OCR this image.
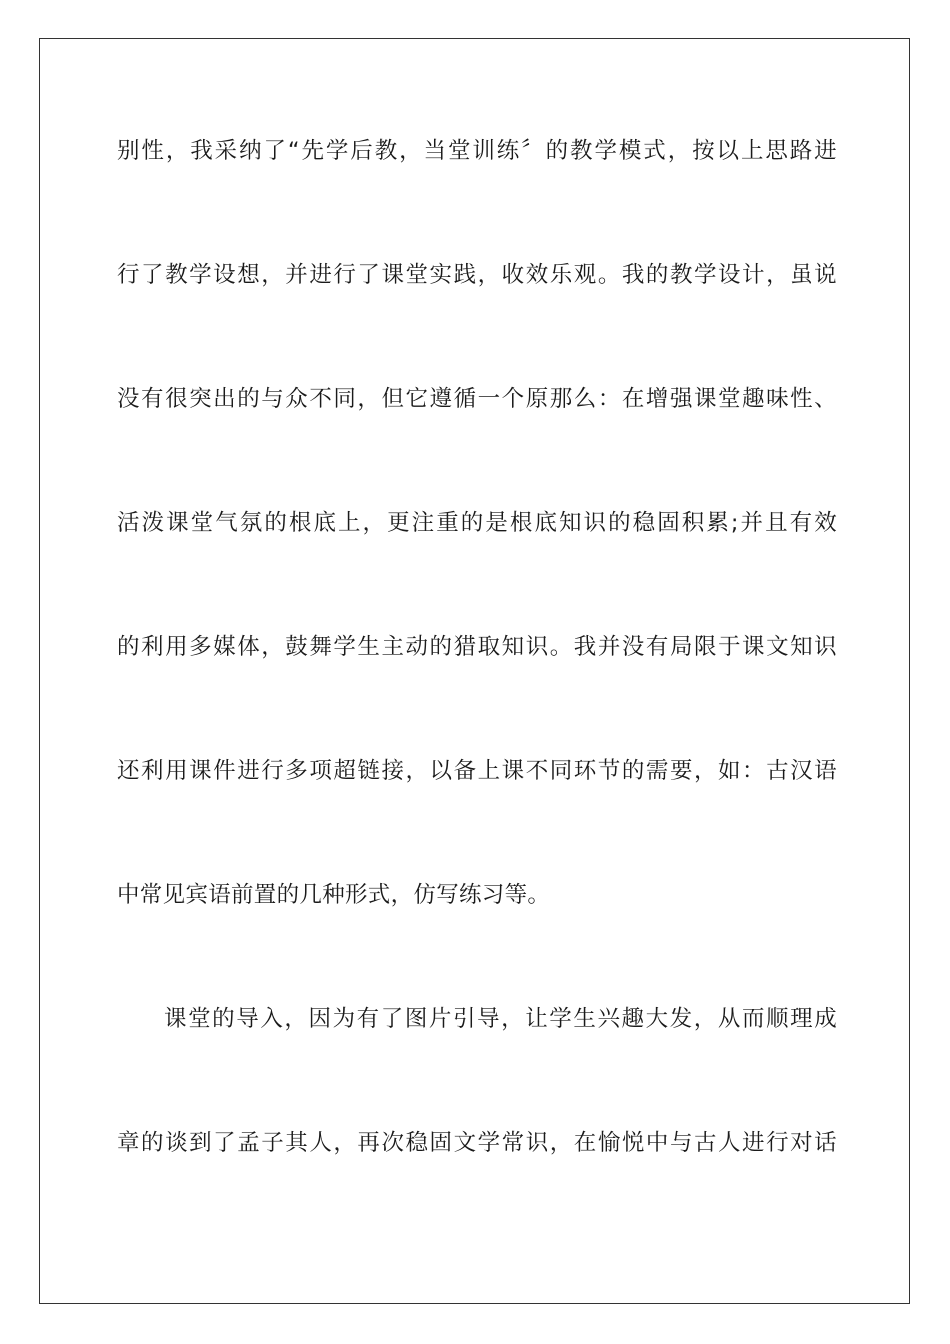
别性，我采纳了“先学后教，当堂训练〞的教学模式，按以上思路进
行了教学设想，并进行了课堂实践，收效乐观。我的教学设计，虽说
没有很突出的与众不同，但它遵循一个原那么：在增强课堂趣味性、
活泼课堂气氛的根底上，更注重的是根底知识的稳固积累;并且有效
的利用多媒体，鼓舞学生主动的猎取知识。我并没有局限于课文知识
还利用课件进行多项超链接，以备上课不同环节的需要，如：古汉语
中常见宾语前置的几种形式，仿写练习等。
课堂的导入，因为有了图片引导，让学生兴趣大发，从而顺理成
章的谈到了孟子其人，再次稳固文学常识，在愉悦中与古人进行对话
